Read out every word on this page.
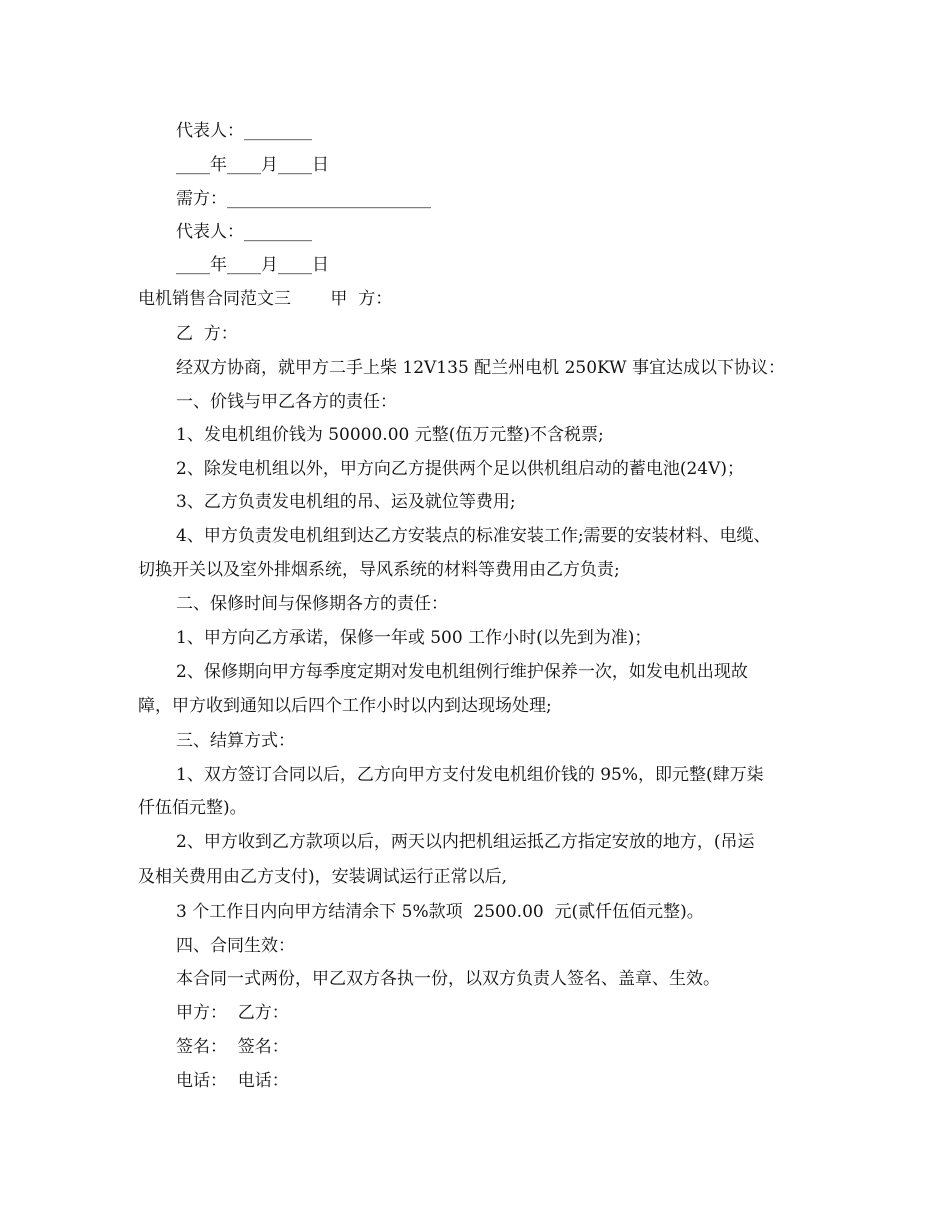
代表人：________
____年____月____日
需方：________________________
代表人：________
____年____月____日
电机销售合同范文三　　 甲  方：
乙  方：
经双方协商，就甲方二手上柴 12V135 配兰州电机 250KW 事宜达成以下协议：
一、价钱与甲乙各方的责任：
1、发电机组价钱为 50000.00 元整(伍万元整)不含税票;
2、除发电机组以外，甲方向乙方提供两个足以供机组启动的蓄电池(24V)；
3、乙方负责发电机组的吊、运及就位等费用;
4、甲方负责发电机组到达乙方安装点的标准安装工作;需要的安装材料、电缆、
切换开关以及室外排烟系统，导风系统的材料等费用由乙方负责;
二、保修时间与保修期各方的责任：
1、甲方向乙方承诺，保修一年或 500 工作小时(以先到为准)；
2、保修期向甲方每季度定期对发电机组例行维护保养一次，如发电机出现故
障，甲方收到通知以后四个工作小时以内到达现场处理;
三、结算方式：
1、双方签订合同以后，乙方向甲方支付发电机组价钱的 95%，即元整(肆万柒
仟伍佰元整)。
2、甲方收到乙方款项以后，两天以内把机组运抵乙方指定安放的地方，(吊运
及相关费用由乙方支付)，安装调试运行正常以后,
3 个工作日内向甲方结清余下 5%款项  2500.00  元(贰仟伍佰元整)。
四、合同生效：
本合同一式两份，甲乙双方各执一份，以双方负责人签名、盖章、生效。
甲方：  乙方：
签名：  签名：
电话：  电话：
